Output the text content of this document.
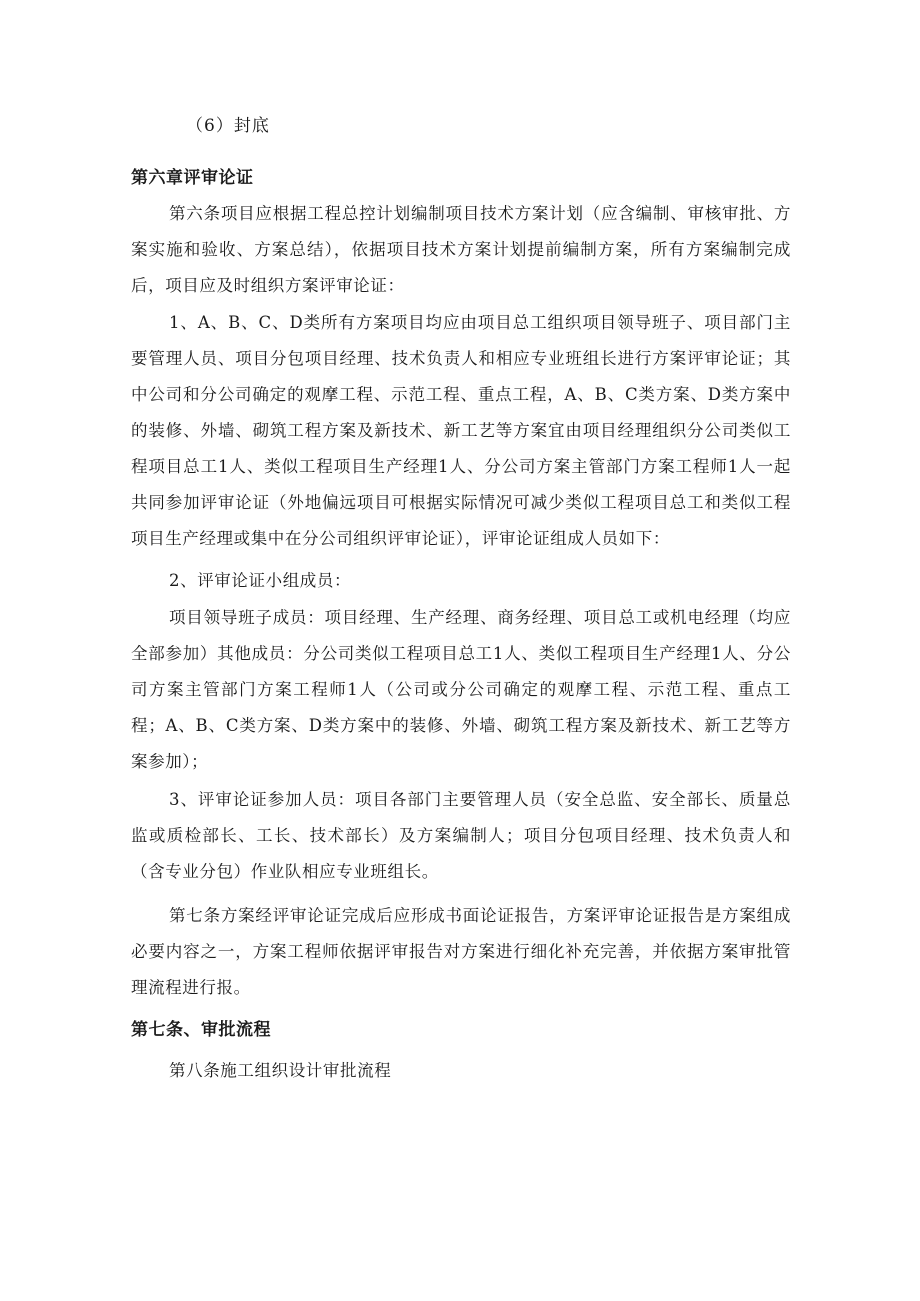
（6）封底
第六章评审论证

第六条项目应根据工程总控计划编制项目技术方案计划（应含编制、审核审批、方案实施和验收、方案总结），依据项目技术方案计划提前编制方案，所有方案编制完成后，项目应及时组织方案评审论证：

1、A、B、C、D类所有方案项目均应由项目总工组织项目领导班子、项目部门主要管理人员、项目分包项目经理、技术负责人和相应专业班组长进行方案评审论证；其中公司和分公司确定的观摩工程、示范工程、重点工程，A、B、C类方案、D类方案中的装修、外墙、砌筑工程方案及新技术、新工艺等方案宜由项目经理组织分公司类似工程项目总工1人、类似工程项目生产经理1人、分公司方案主管部门方案工程师1人一起共同参加评审论证（外地偏远项目可根据实际情况可减少类似工程项目总工和类似工程项目生产经理或集中在分公司组织评审论证），评审论证组成人员如下：

2、评审论证小组成员：

项目领导班子成员：项目经理、生产经理、商务经理、项目总工或机电经理（均应全部参加）其他成员：分公司类似工程项目总工1人、类似工程项目生产经理1人、分公司方案主管部门方案工程师1人（公司或分公司确定的观摩工程、示范工程、重点工程；A、B、C类方案、D类方案中的装修、外墙、砌筑工程方案及新技术、新工艺等方案参加）；

3、评审论证参加人员：项目各部门主要管理人员（安全总监、安全部长、质量总监或质检部长、工长、技术部长）及方案编制人；项目分包项目经理、技术负责人和（含专业分包）作业队相应专业班组长。

第七条方案经评审论证完成后应形成书面论证报告，方案评审论证报告是方案组成必要内容之一，方案工程师依据评审报告对方案进行细化补充完善，并依据方案审批管理流程进行报。

第七条、审批流程

第八条施工组织设计审批流程
